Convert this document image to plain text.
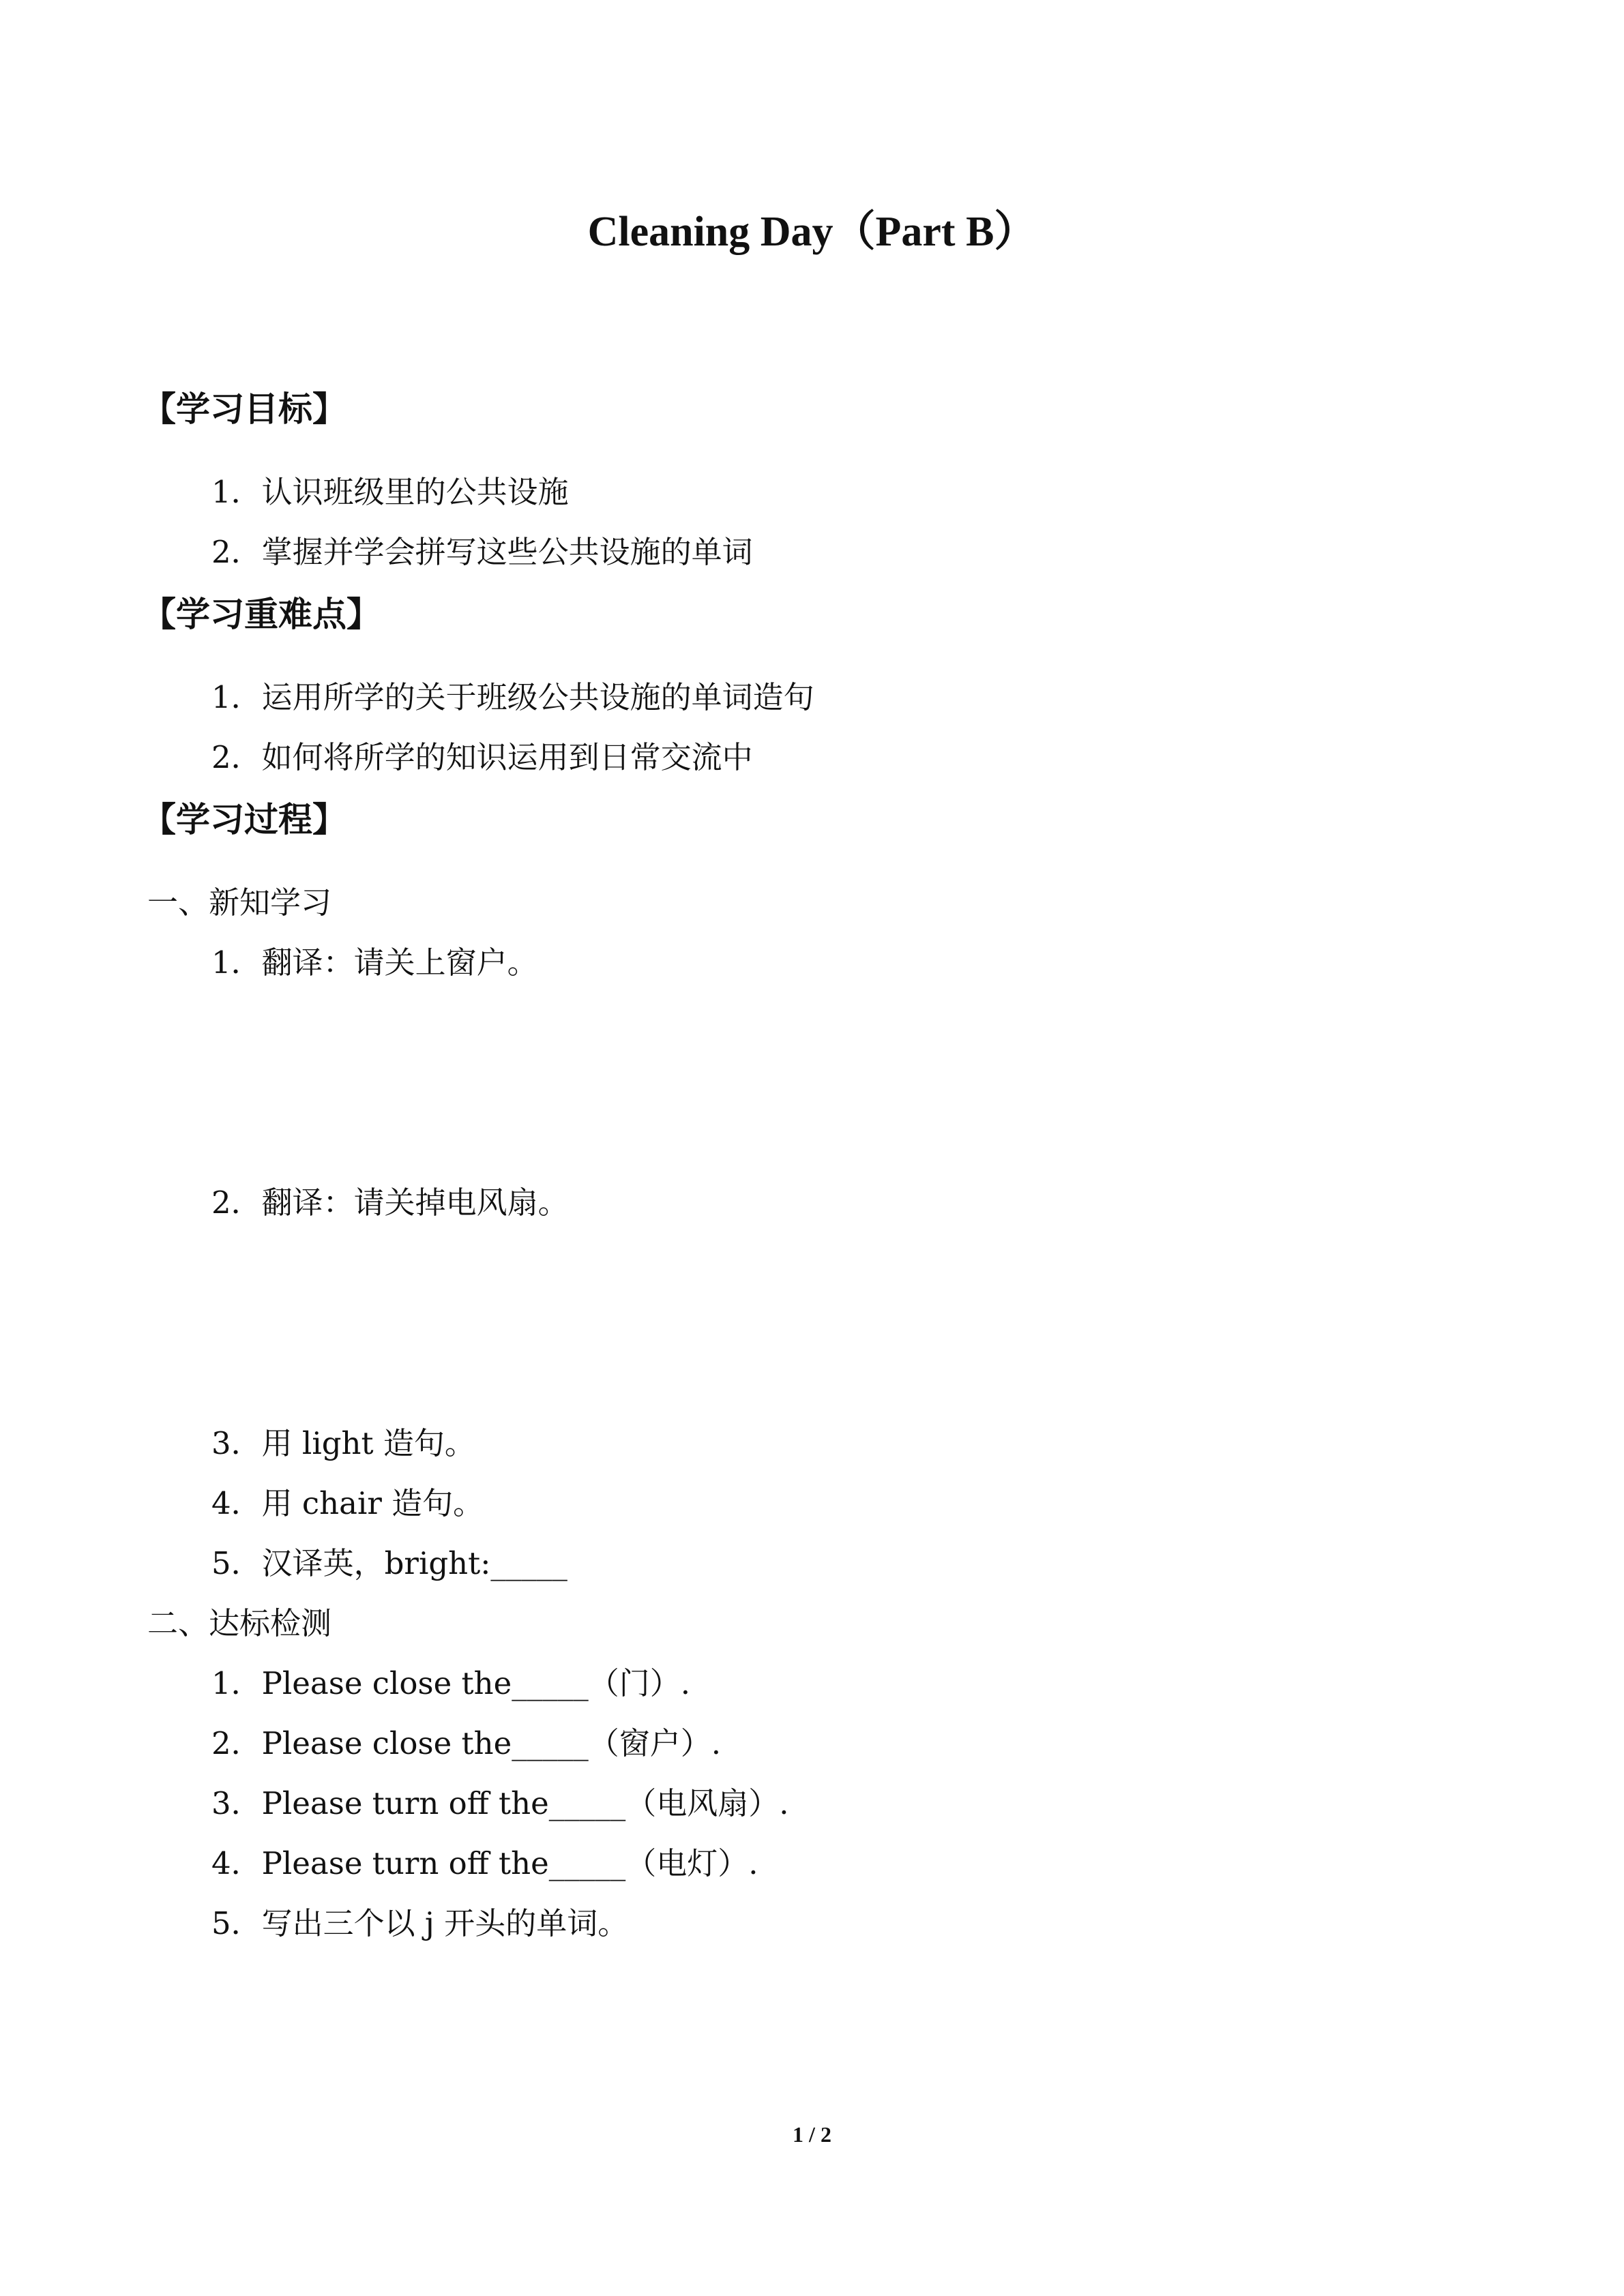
Cleaning Day（Part B）
【学习目标】
1．认识班级里的公共设施
2．掌握并学会拼写这些公共设施的单词
【学习重难点】
1．运用所学的关于班级公共设施的单词造句
2．如何将所学的知识运用到日常交流中
【学习过程】
一、新知学习
1．翻译：请关上窗户。
2．翻译：请关掉电风扇。
3．用 light 造句。
4．用 chair 造句。
5．汉译英，bright:_____
二、达标检测
1．Please close the_____（门）.
2．Please close the_____（窗户）.
3．Please turn off the_____（电风扇）.
4．Please turn off the_____（电灯）.
5．写出三个以 j 开头的单词。
1 / 2
